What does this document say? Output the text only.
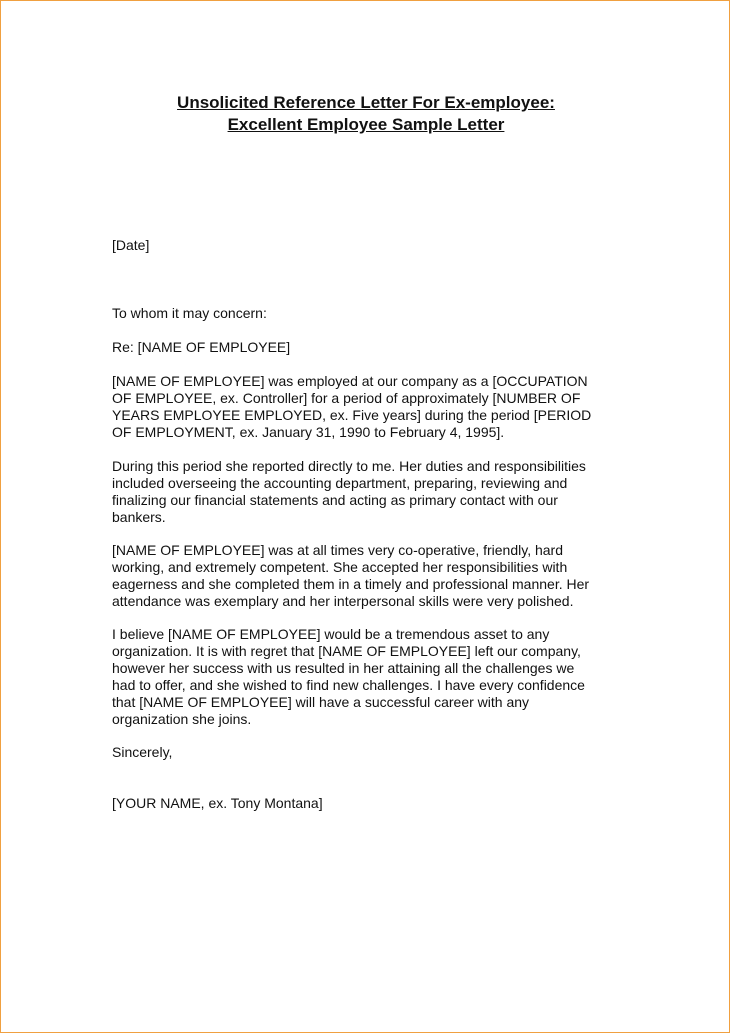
Unsolicited Reference Letter For Ex-employee:
Excellent Employee Sample Letter
[Date]
To whom it may concern:
Re: [NAME OF EMPLOYEE]
[NAME OF EMPLOYEE] was employed at our company as a [OCCUPATION
OF EMPLOYEE, ex. Controller] for a period of approximately [NUMBER OF
YEARS EMPLOYEE EMPLOYED, ex. Five years] during the period [PERIOD
OF EMPLOYMENT, ex. January 31, 1990 to February 4, 1995].
During this period she reported directly to me. Her duties and responsibilities
included overseeing the accounting department, preparing, reviewing and
finalizing our financial statements and acting as primary contact with our
bankers.
[NAME OF EMPLOYEE] was at all times very co-operative, friendly, hard
working, and extremely competent. She accepted her responsibilities with
eagerness and she completed them in a timely and professional manner. Her
attendance was exemplary and her interpersonal skills were very polished.
I believe [NAME OF EMPLOYEE] would be a tremendous asset to any
organization. It is with regret that [NAME OF EMPLOYEE] left our company,
however her success with us resulted in her attaining all the challenges we
had to offer, and she wished to find new challenges. I have every confidence
that [NAME OF EMPLOYEE] will have a successful career with any
organization she joins.
Sincerely,
[YOUR NAME, ex. Tony Montana]
